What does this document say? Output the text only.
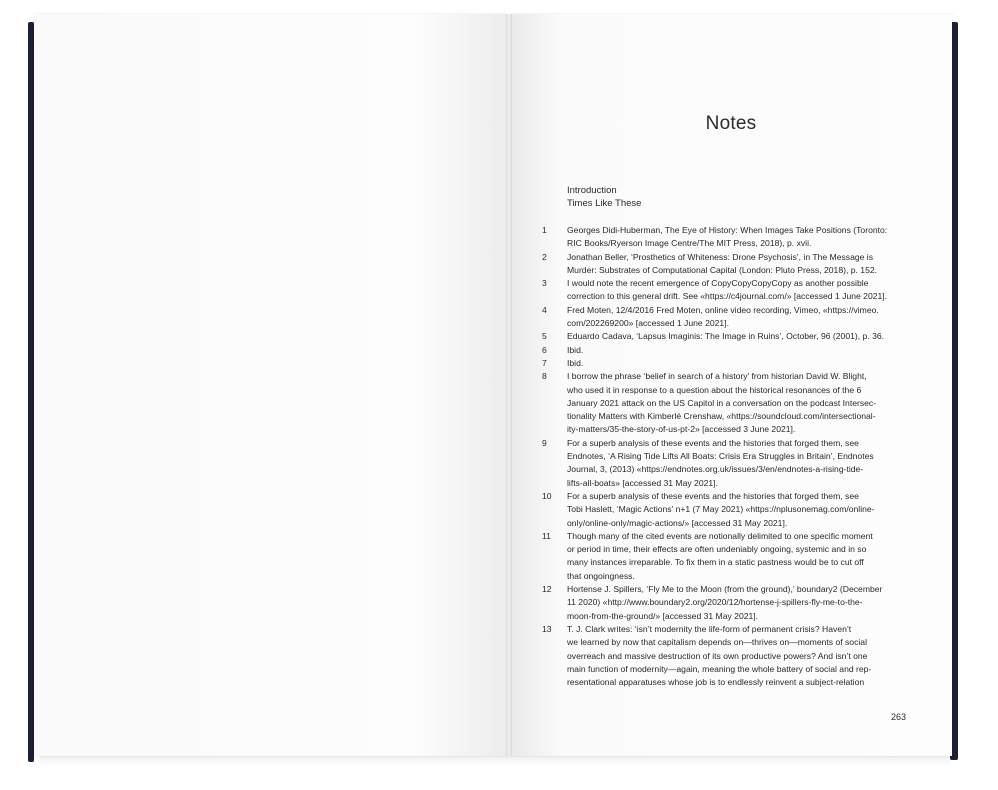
Notes
Introduction
Times Like These
1	Georges Didi-Huberman, The Eye of History: When Images Take Positions (Toronto:
RIC Books/Ryerson Image Centre/The MIT Press, 2018), p. xvii.
2	Jonathan Beller, ‘Prosthetics of Whiteness: Drone Psychosis’, in The Message is
Murder: Substrates of Computational Capital (London: Pluto Press, 2018), p. 152.
3	I would note the recent emergence of CopyCopyCopyCopy as another possible
correction to this general drift. See «https://c4journal.com/» [accessed 1 June 2021].
4	Fred Moten, 12/4/2016 Fred Moten, online video recording, Vimeo, «https://vimeo.
com/202269200» [accessed 1 June 2021].
5	Eduardo Cadava, ‘Lapsus Imaginis: The Image in Ruins’, October, 96 (2001), p. 36.
6	Ibid.
7	Ibid.
8	I borrow the phrase ‘belief in search of a history’ from historian David W. Blight,
who used it in response to a question about the historical resonances of the 6
January 2021 attack on the US Capitol in a conversation on the podcast Intersec-
tionality Matters with Kimberlé Crenshaw, «https://soundcloud.com/intersectional-
ity-matters/35-the-story-of-us-pt-2» [accessed 3 June 2021].
9	For a superb analysis of these events and the histories that forged them, see
Endnotes, ‘A Rising Tide Lifts All Boats: Crisis Era Struggles in Britain’, Endnotes
Journal, 3, (2013) «https://endnotes.org.uk/issues/3/en/endnotes-a-rising-tide-
lifts-all-boats» [accessed 31 May 2021].
10	For a superb analysis of these events and the histories that forged them, see
Tobi Haslett, ‘Magic Actions’ n+1 (7 May 2021) «https://nplusonemag.com/online-
only/online-only/magic-actions/» [accessed 31 May 2021].
11	Though many of the cited events are notionally delimited to one specific moment
or period in time, their effects are often undeniably ongoing, systemic and in so
many instances irreparable. To fix them in a static pastness would be to cut off
that ongoingness.
12	Hortense J. Spillers, ‘Fly Me to the Moon (from the ground),’ boundary2 (December
11 2020) «http://www.boundary2.org/2020/12/hortense-j-spillers-fly-me-to-the-
moon-from-the-ground/» [accessed 31 May 2021].
13	T. J. Clark writes: ‘isn’t modernity the life-form of permanent crisis? Haven’t
we learned by now that capitalism depends on—thrives on—moments of social
overreach and massive destruction of its own productive powers? And isn’t one
main function of modernity—again, meaning the whole battery of social and rep-
resentational apparatuses whose job is to endlessly reinvent a subject-relation
263
